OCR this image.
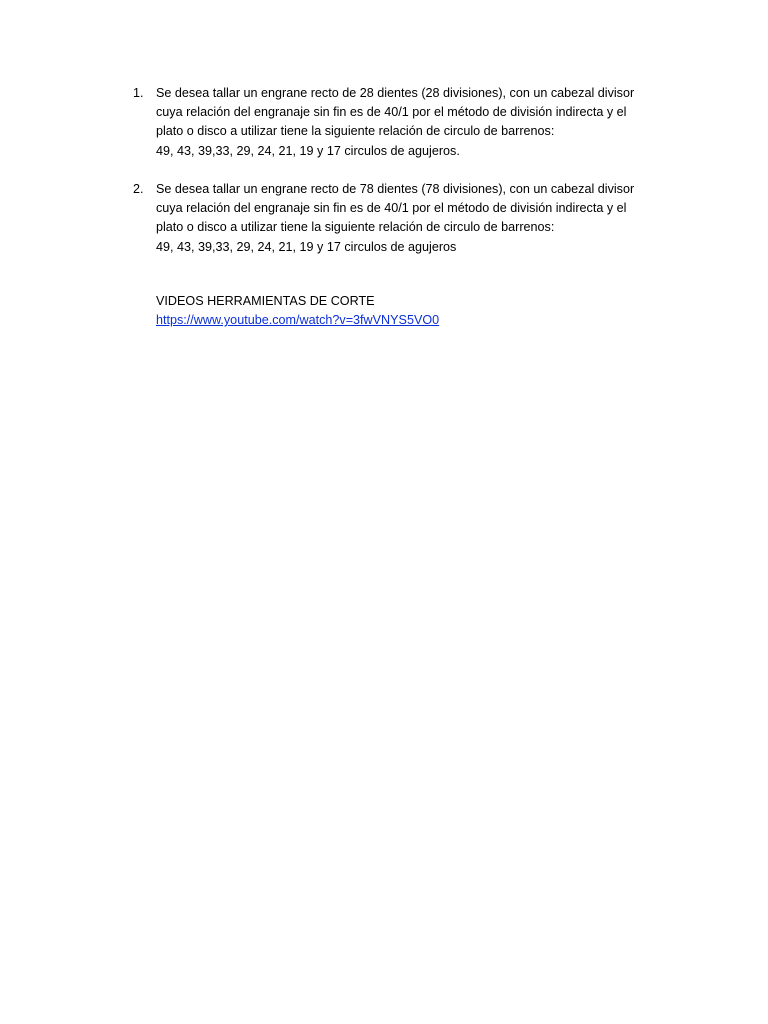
1. Se desea tallar un engrane recto de 28 dientes (28 divisiones), con un cabezal divisor
cuya relación del engranaje sin fin es de 40/1 por el método de división indirecta y el
plato o disco a utilizar tiene la siguiente relación de circulo de barrenos:
49, 43, 39,33, 29, 24, 21, 19 y 17 circulos de agujeros.
2. Se desea tallar un engrane recto de 78 dientes (78 divisiones), con un cabezal divisor
cuya relación del engranaje sin fin es de 40/1 por el método de división indirecta y el
plato o disco a utilizar tiene la siguiente relación de circulo de barrenos:
49, 43, 39,33, 29, 24, 21, 19 y 17 circulos de agujeros
VIDEOS HERRAMIENTAS DE CORTE
https://www.youtube.com/watch?v=3fwVNYS5VO0
